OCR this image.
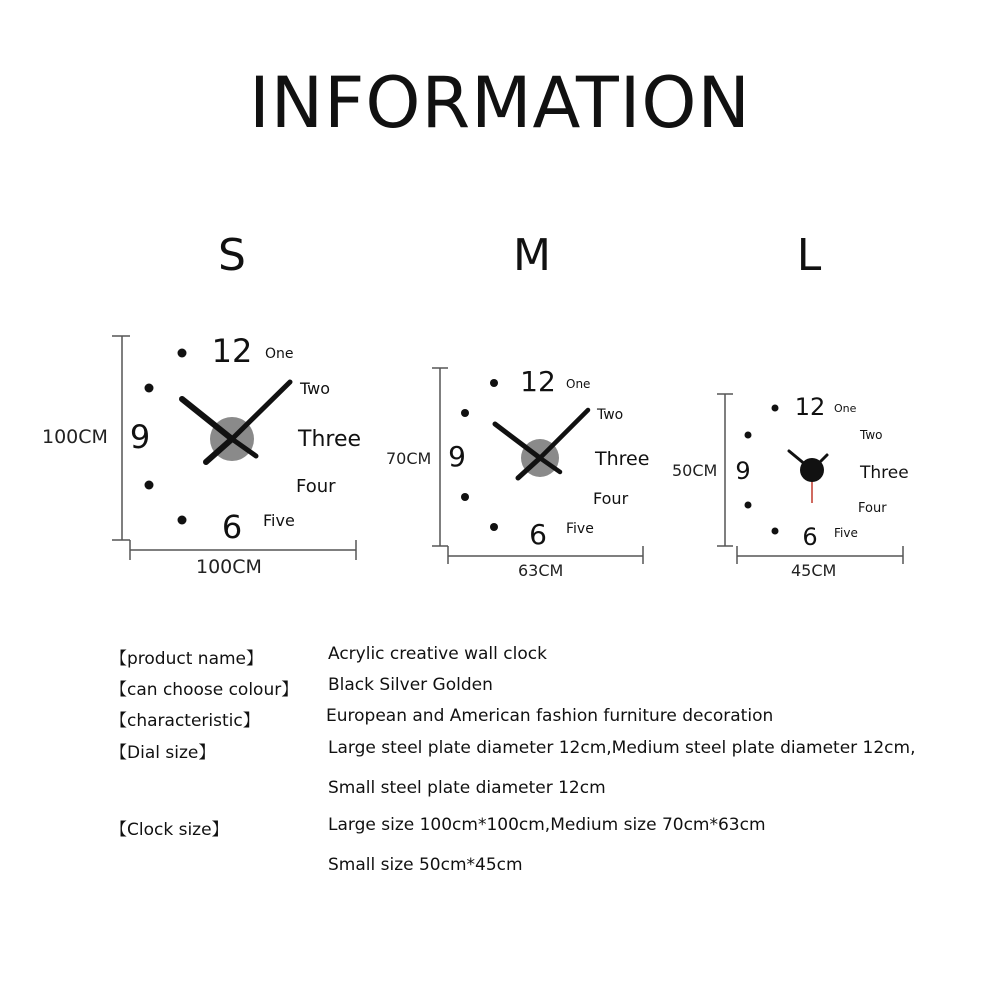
INFORMATION
S	M	L
12
9
6
One
Two
Three
Four
Five
100CM
100CM
12
9
6
One
Two
Three
Four
Five
70CM
63CM
12
9
6
One
Two
Three
Four
Five
50CM
45CM
【product name】	Acrylic creative wall clock
【can choose colour】 Black Silver Golden
【characteristic】	European and American fashion furniture decoration
【Dial size】	Large steel plate diameter 12cm,Medium steel plate diameter 12cm,
Small steel plate diameter 12cm
【Clock size】	Large size 100cm*100cm,Medium size 70cm*63cm
Small size 50cm*45cm
